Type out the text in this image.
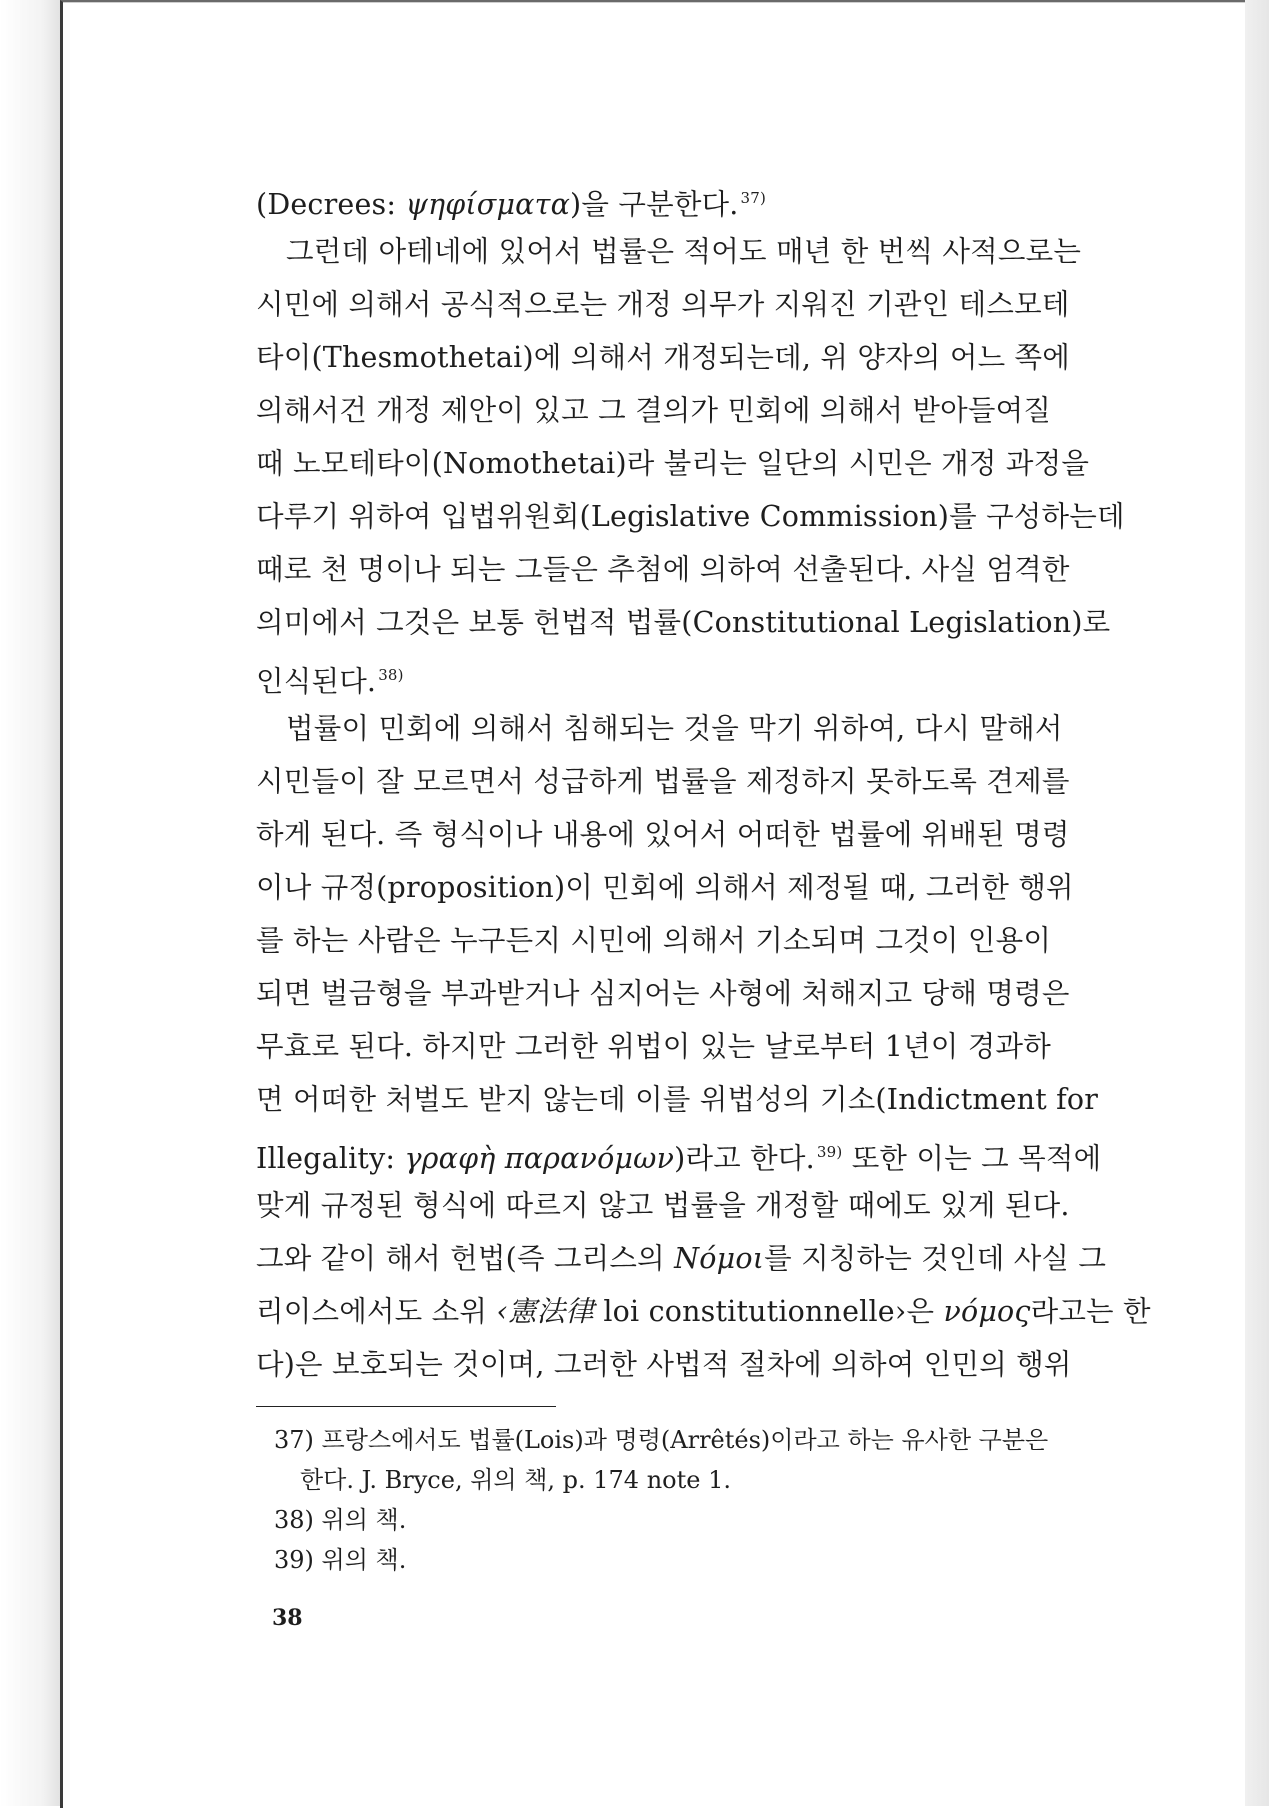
(Decrees: ψηφίσματα)을 구분한다. $^{37)}$
그런데 아테네에 있어서 법률은 적어도 매년 한 번씩 사적으로는
시민에 의해서 공식적으로는 개정 의무가 지워진 기관인 테스모테
타이(Thesmothetai)에 의해서 개정되는데, 위 양자의 어느 쪽에
의해서건 개정 제안이 있고 그 결의가 민회에 의해서 받아들여질
때 노모테타이(Nomothetai)라 불리는 일단의 시민은 개정 과정을
다루기 위하여 입법위원회(Legislative Commission)를 구성하는데
때로 천 명이나 되는 그들은 추첨에 의하여 선출된다. 사실 엄격한
의미에서 그것은 보통 헌법적 법률(Constitutional Legislation)로
인식된다. $^{38)}$
법률이 민회에 의해서 침해되는 것을 막기 위하여, 다시 말해서
시민들이 잘 모르면서 성급하게 법률을 제정하지 못하도록 견제를
하게 된다. 즉 형식이나 내용에 있어서 어떠한 법률에 위배된 명령
이나 규정(proposition)이 민회에 의해서 제정될 때, 그러한 행위
를 하는 사람은 누구든지 시민에 의해서 기소되며 그것이 인용이
되면 벌금형을 부과받거나 심지어는 사형에 처해지고 당해 명령은
무효로 된다. 하지만 그러한 위법이 있는 날로부터 1년이 경과하
면 어떠한 처벌도 받지 않는데 이를 위법성의 기소(Indictment for
Illegality: γραφὴ παρανόμων)라고 한다. $^{39)}$ 또한 이는 그 목적에
맞게 규정된 형식에 따르지 않고 법률을 개정할 때에도 있게 된다.
그와 같이 해서 헌법(즉 그리스의 Νόμοι를 지칭하는 것인데 사실 그
리이스에서도 소위 ‹憲法律 loi constitutionnelle›은 νόμος라고는 한
다)은 보호되는 것이며, 그러한 사법적 절차에 의하여 인민의 행위
37) 프랑스에서도 법률(Lois)과 명령(Arrêtés)이라고 하는 유사한 구분은
한다. J. Bryce, 위의 책, p. 174 note 1.
38) 위의 책.
39) 위의 책.
38
